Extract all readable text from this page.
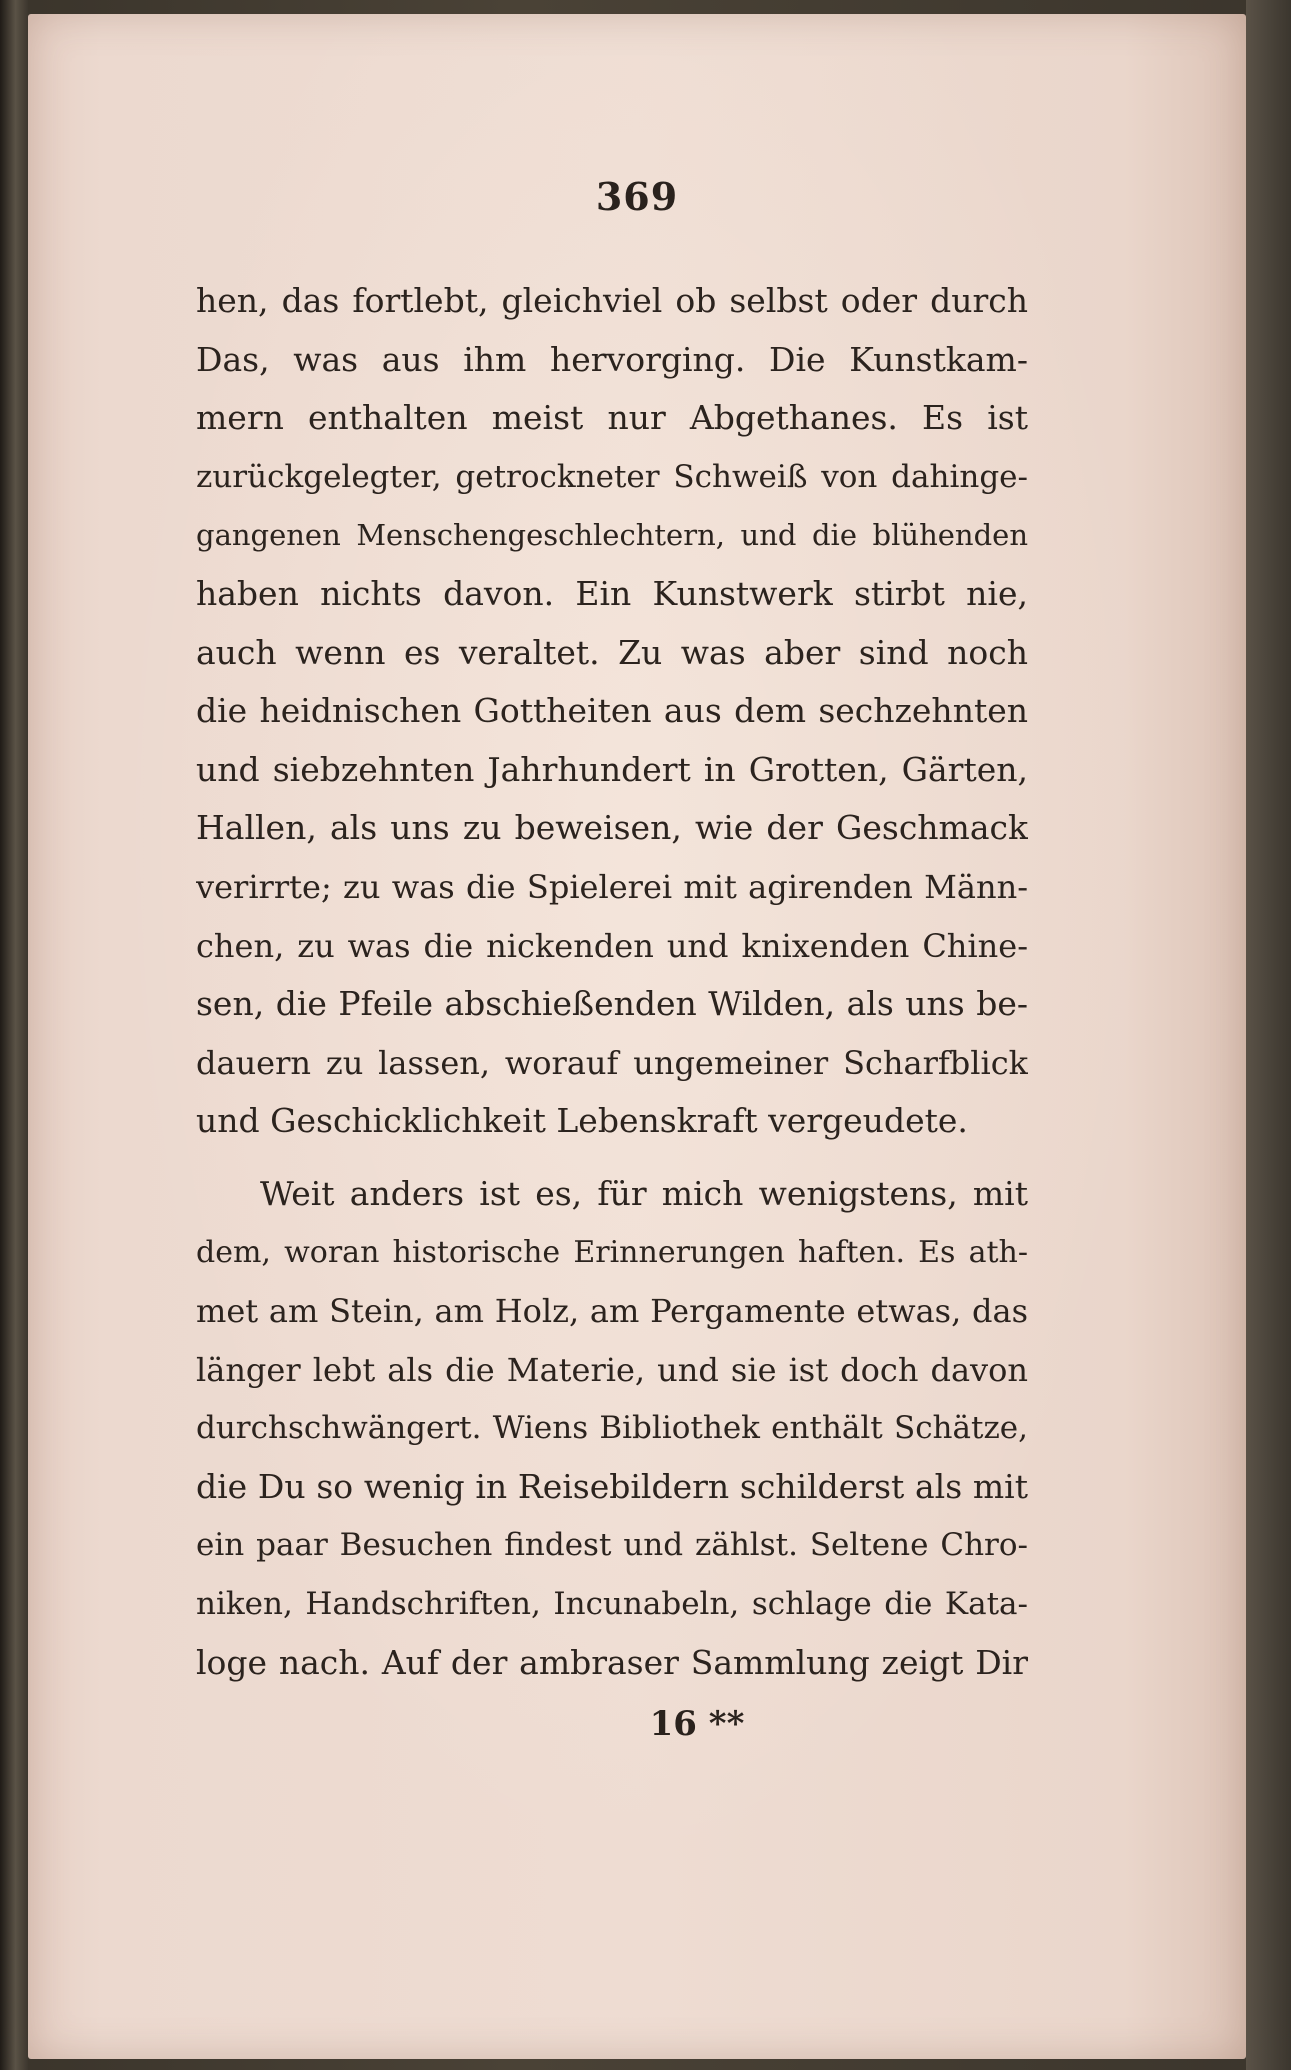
369
hen, das fortlebt, gleichviel ob selbst oder durch
Das, was aus ihm hervorging. Die Kunstkam-
mern enthalten meist nur Abgethanes. Es ist
zurückgelegter, getrockneter Schweiß von dahinge-
gangenen Menschengeschlechtern, und die blühenden
haben nichts davon. Ein Kunstwerk stirbt nie,
auch wenn es veraltet. Zu was aber sind noch
die heidnischen Gottheiten aus dem sechzehnten
und siebzehnten Jahrhundert in Grotten, Gärten,
Hallen, als uns zu beweisen, wie der Geschmack
verirrte; zu was die Spielerei mit agirenden Männ-
chen, zu was die nickenden und knixenden Chine-
sen, die Pfeile abschießenden Wilden, als uns be-
dauern zu lassen, worauf ungemeiner Scharfblick
und Geschicklichkeit Lebenskraft vergeudete.
Weit anders ist es, für mich wenigstens, mit
dem, woran historische Erinnerungen haften. Es ath-
met am Stein, am Holz, am Pergamente etwas, das
länger lebt als die Materie, und sie ist doch davon
durchschwängert. Wiens Bibliothek enthält Schätze,
die Du so wenig in Reisebildern schilderst als mit
ein paar Besuchen findest und zählst. Seltene Chro-
niken, Handschriften, Incunabeln, schlage die Kata-
loge nach. Auf der ambraser Sammlung zeigt Dir
16 **
